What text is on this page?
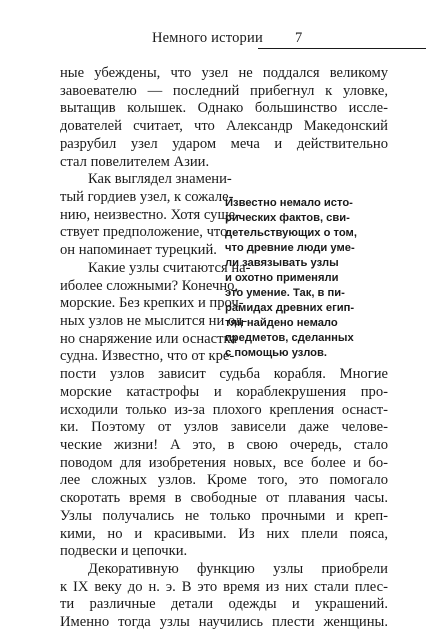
Немного истории 7
ные убеждены, что узел не поддался великому
завоевателю — последний прибегнул к уловке,
вытащив колышек. Однако большинство иссле-
дователей считает, что Александр Македонский
разрубил узел ударом меча и действительно
стал повелителем Азии.
Как выглядел знамени-
тый гордиев узел, к сожале-
нию, неизвестно. Хотя суще-
ствует предположение, что
он напоминает турецкий.
Какие узлы считаются на-
иболее сложными? Конечно,
морские. Без крепких и проч-
ных узлов не мыслится ни од-
но снаряжение или оснастка
судна. Известно, что от кре-
пости узлов зависит судьба корабля. Многие
морские катастрофы и кораблекрушения про-
исходили только из-за плохого крепления оснаст-
ки. Поэтому от узлов зависели даже челове-
ческие жизни! А это, в свою очередь, стало
поводом для изобретения новых, все более и бо-
лее сложных узлов. Кроме того, это помогало
скоротать время в свободные от плавания часы.
Узлы получались не только прочными и креп-
кими, но и красивыми. Из них плели пояса,
подвески и цепочки.
Декоративную функцию узлы приобрели
к IX веку до н. э. В это время из них стали плес-
ти различные детали одежды и украшений.
Именно тогда узлы научились плести женщины.
Известно немало исто-
рических фактов, сви-
детельствующих о том,
что древние люди уме-
ли завязывать узлы
и охотно применяли
это умение. Так, в пи-
рамидах древних егип-
тян найдено немало
предметов, сделанных
с помощью узлов.
